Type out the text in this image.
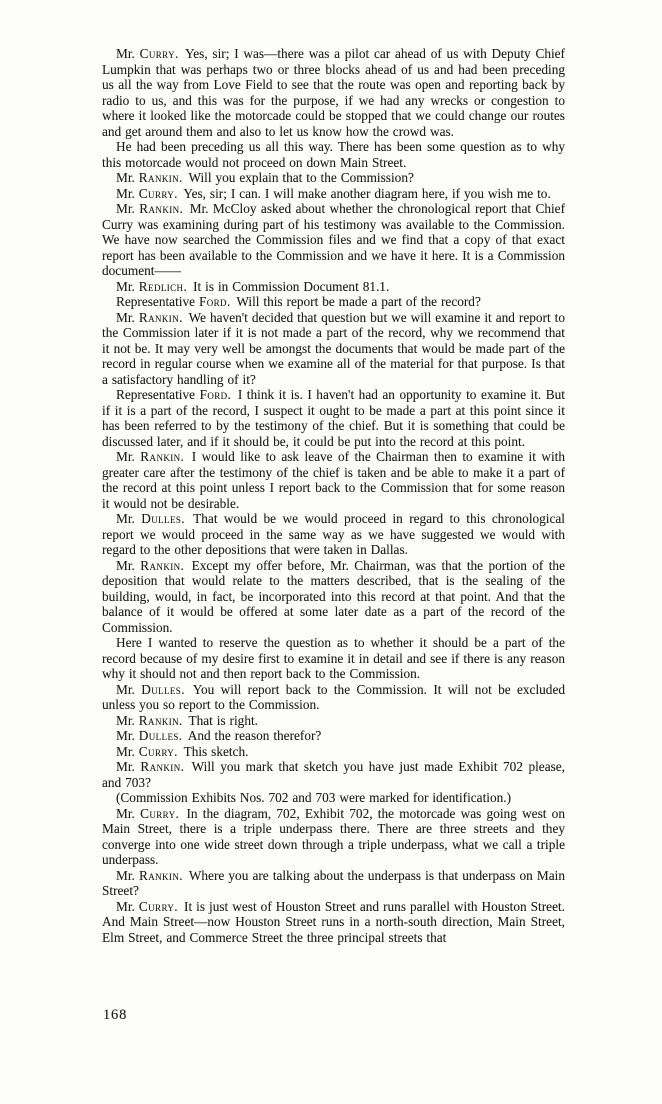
Mr. Curry. Yes, sir; I was—there was a pilot car ahead of us with Deputy Chief Lumpkin that was perhaps two or three blocks ahead of us and had been preceding us all the way from Love Field to see that the route was open and reporting back by radio to us, and this was for the purpose, if we had any wrecks or congestion to where it looked like the motorcade could be stopped that we could change our routes and get around them and also to let us know how the crowd was.

He had been preceding us all this way. There has been some question as to why this motorcade would not proceed on down Main Street.

Mr. Rankin. Will you explain that to the Commission?

Mr. Curry. Yes, sir; I can. I will make another diagram here, if you wish me to.

Mr. Rankin. Mr. McCloy asked about whether the chronological report that Chief Curry was examining during part of his testimony was available to the Commission. We have now searched the Commission files and we find that a copy of that exact report has been available to the Commission and we have it here. It is a Commission document——

Mr. Redlich. It is in Commission Document 81.1.

Representative Ford. Will this report be made a part of the record?

Mr. Rankin. We haven't decided that question but we will examine it and report to the Commission later if it is not made a part of the record, why we recommend that it not be. It may very well be amongst the documents that would be made part of the record in regular course when we examine all of the material for that purpose. Is that a satisfactory handling of it?

Representative Ford. I think it is. I haven't had an opportunity to examine it. But if it is a part of the record, I suspect it ought to be made a part at this point since it has been referred to by the testimony of the chief. But it is something that could be discussed later, and if it should be, it could be put into the record at this point.

Mr. Rankin. I would like to ask leave of the Chairman then to examine it with greater care after the testimony of the chief is taken and be able to make it a part of the record at this point unless I report back to the Commission that for some reason it would not be desirable.

Mr. Dulles. That would be we would proceed in regard to this chronological report we would proceed in the same way as we have suggested we would with regard to the other depositions that were taken in Dallas.

Mr. Rankin. Except my offer before, Mr. Chairman, was that the portion of the deposition that would relate to the matters described, that is the sealing of the building, would, in fact, be incorporated into this record at that point. And that the balance of it would be offered at some later date as a part of the record of the Commission.

Here I wanted to reserve the question as to whether it should be a part of the record because of my desire first to examine it in detail and see if there is any reason why it should not and then report back to the Commission.

Mr. Dulles. You will report back to the Commission. It will not be excluded unless you so report to the Commission.

Mr. Rankin. That is right.

Mr. Dulles. And the reason therefor?

Mr. Curry. This sketch.

Mr. Rankin. Will you mark that sketch you have just made Exhibit 702 please, and 703?

(Commission Exhibits Nos. 702 and 703 were marked for identification.)

Mr. Curry. In the diagram, 702, Exhibit 702, the motorcade was going west on Main Street, there is a triple underpass there. There are three streets and they converge into one wide street down through a triple underpass, what we call a triple underpass.

Mr. Rankin. Where you are talking about the underpass is that underpass on Main Street?

Mr. Curry. It is just west of Houston Street and runs parallel with Houston Street. And Main Street—now Houston Street runs in a north-south direction, Main Street, Elm Street, and Commerce Street the three principal streets that

168
